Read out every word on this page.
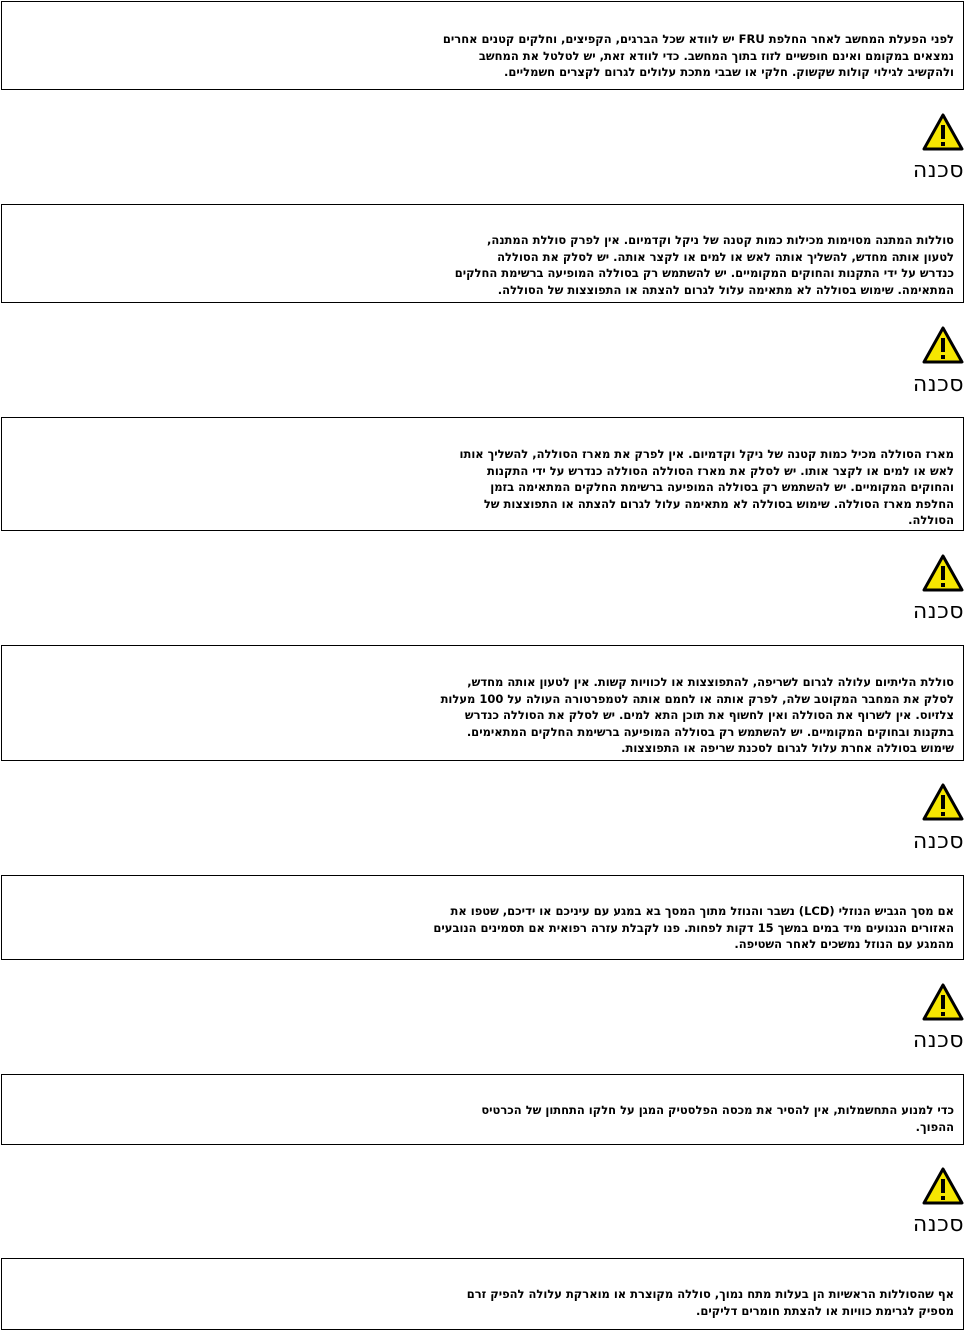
לפני הפעלת המחשב לאחר החלפת FRU יש לוודא שכל הברגים, הקפיצים, וחלקים קטנים אחרים
נמצאים במקומם ואינם חופשיים לזוז בתוך המחשב. כדי לוודא זאת, יש לטלטל את המחשב
ולהקשיב לגילוי קולות שקשוק. חלקי או שבבי מתכת עלולים לגרום לקצרים חשמליים.
סכנה
סוללות המתנה מסוימות מכילות כמות קטנה של ניקל וקדמיום. אין לפרק סוללת המתנה,
לטעון אותה מחדש, להשליך אותה לאש או למים או לקצר אותה. יש לסלק את הסוללה
כנדרש על ידי התקנות והחוקים המקומיים. יש להשתמש רק בסוללה המופיעה ברשימת החלקים
המתאימה. שימוש בסוללה לא מתאימה עלול לגרום להצתה או התפוצצות של הסוללה.
סכנה
מארז הסוללה מכיל כמות קטנה של ניקל וקדמיום. אין לפרק את מארז הסוללה, להשליך אותו
לאש או למים או לקצר אותו. יש לסלק את מארז הסוללה הסוללה כנדרש על ידי התקנות
והחוקים המקומיים. יש להשתמש רק בסוללה המופיעה ברשימת החלקים המתאימה בזמן
החלפת מארז הסוללה. שימוש בסוללה לא מתאימה עלול לגרום להצתה או התפוצצות של
הסוללה.
סכנה
סוללת הליתיום עלולה לגרום לשריפה, להתפוצצות או לכוויות קשות. אין לטעון אותה מחדש,
לסלק את המחבר המקוטב שלה, לפרק אותה או לחמם אותה לטמפרטורה העולה על 100 מעלות
צלזיוס. אין לשרוף את הסוללה ואין לחשוף את תוכן התא למים. יש לסלק את הסוללה כנדרש
בתקנות ובחוקים המקומיים. יש להשתמש רק בסוללה המופיעה ברשימת החלקים המתאימים.
שימוש בסוללה אחרת עלול לגרום לסכנת שריפה או התפוצצות.
סכנה
אם מסך הגביש הנוזלי (LCD) נשבר והנוזל מתוך המסך בא במגע עם עיניכם או ידיכם, שטפו את
האזורים הנגועים מיד במים במשך 15 דקות לפחות. פנו לקבלת עזרה רפואית אם תסמינים הנובעים
מהמגע עם הנוזל נמשכים לאחר השטיפה.
סכנה
כדי למנוע התחשמלות, אין להסיר את מכסה הפלסטיק המגן על חלקו התחתון של הכרטיס
ההפוך.
סכנה
אף שהסוללות הראשיות הן בעלות מתח נמוך, סוללה מקוצרת או מוארקת עלולה להפיק זרם
מספיק לגרימת כוויות או להצתת חומרים דליקים.
